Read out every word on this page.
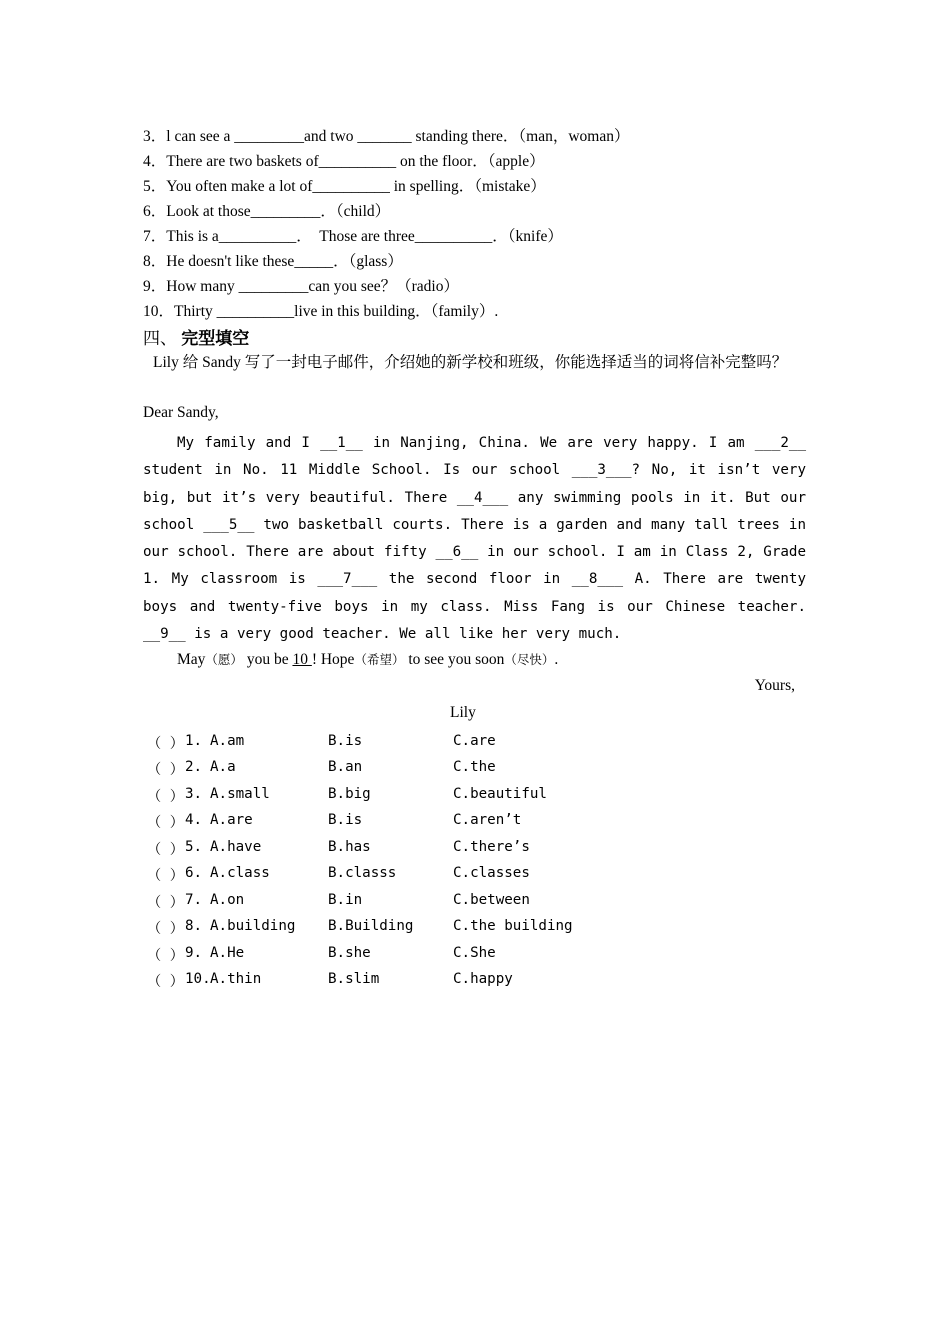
3．l can see a _________and two _______ standing there．（man，woman）
4．There are two baskets of__________ on the floor．（apple）
5．You often make a lot of__________ in spelling．（mistake）
6．Look at those_________．（child）
7．This is a__________．  Those are three__________．（knife）
8．He doesn't like these_____．（glass）
9．How many _________can you see？（radio）
10．Thirty __________live in this building．（family）.
四、 完型填空
Lily 给 Sandy 写了一封电子邮件，介绍她的新学校和班级，你能选择适当的词将信补完整吗？
Dear Sandy,
My family and I __1__ in Nanjing, China. We are very happy. I am ___2__ student in No. 11 Middle School. Is our school ___3___? No, it isn’t very big, but it’s very beautiful. There __4___ any swimming pools in it. But our school ___5__ two basketball courts. There is a garden and many tall trees in our school. There are about fifty __6__ in our school. I am in Class 2, Grade 1. My classroom is ___7___ the second floor in __8___ A. There are twenty boys and twenty-five boys in my class. Miss Fang is our Chinese teacher. __9__ is a very good teacher. We all like her very much.
May（愿） you be 10 ! Hope（希望） to see you soon（尽快）.
Yours,
Lily
（ ） 1. A.am	B.is	C.are
（ ） 2. A.a	B.an	C.the
（ ） 3. A.small	B.big	C.beautiful
（ ） 4. A.are	B.is	C.aren’t
（ ） 5. A.have	B.has	C.there’s
（ ） 6. A.class	B.classs	C.classes
（ ） 7. A.on	B.in	C.between
（ ） 8. A.building B.Building	C.the building
（ ） 9. A.He	B.she	C.She
（ ） 10. A.thin	B.slim	C.happy
